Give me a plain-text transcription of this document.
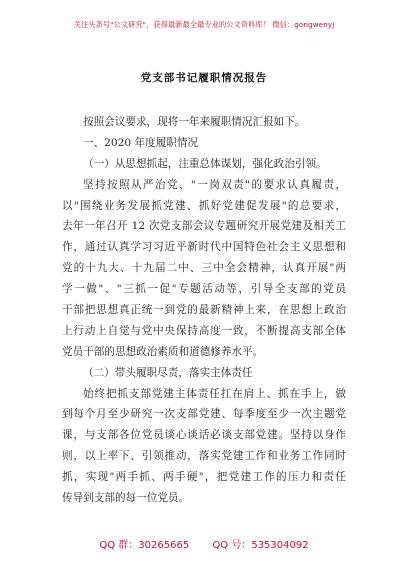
关注头条号"公文研究"，获得最新最全最专业的公文资料库！ 微信：gongwenyj
党支部书记履职情况报告
按照会议要求，现将一年来履职情况汇报如下。
一、2020 年度履职情况
（一）从思想抓起，注重总体谋划，强化政治引领。
坚持按照从严治党、"一岗双责"的要求认真履责，
以"围绕业务发展抓党建、抓好党建促发展"的总要求，
去年一年召开 12 次党支部会议专题研究开展党建及相关工
作，通过认真学习习近平新时代中国特色社会主义思想和
党的十九大、十九届二中、三中全会精神，认真开展"两
学一做"、"三抓一促"专题活动等，引导全支部的党员
干部把思想真正统一到党的最新精神上来，在思想上政治
上行动上自觉与党中央保持高度一致，不断提高支部全体
党员干部的思想政治素质和道德修养水平。
（二）带头履职尽责，落实主体责任
始终把抓支部党建主体责任扛在肩上、抓在手上，做
到每个月至少研究一次支部党建、每季度至少一次主题党
课，与支部各位党员谈心谈话必谈支部党建。坚持以身作
则，以上率下、引领推动，落实党建工作和业务工作同时
抓，实现"两手抓、两手硬"，把党建工作的压力和责任
传导到支部的每一位党员。
QQ 群：30265665 QQ 号：535304092
